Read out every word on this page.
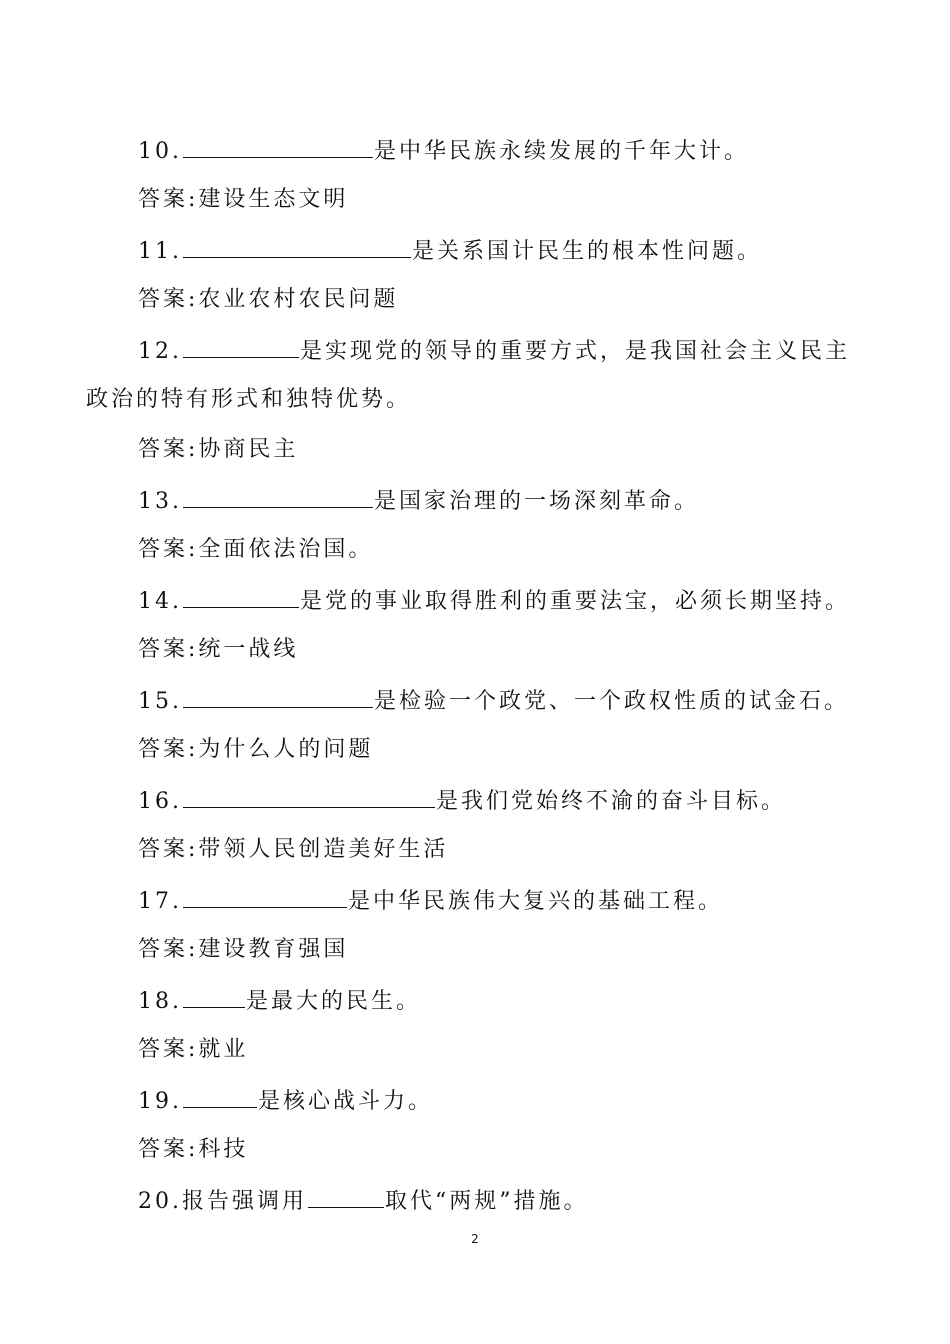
10.	是中华民族永续发展的千年大计。
答案:建设生态文明
11.	是关系国计民生的根本性问题。
答案:农业农村农民问题
12.	是实现党的领导的重要方式，是我国社会主义民主
政治的特有形式和独特优势。
答案:协商民主
13.	是国家治理的一场深刻革命。
答案:全面依法治国。
14.	是党的事业取得胜利的重要法宝，必须长期坚持。
答案:统一战线
15.	是检验一个政党、一个政权性质的试金石。
答案:为什么人的问题
16.	是我们党始终不渝的奋斗目标。
答案:带领人民创造美好生活
17.	是中华民族伟大复兴的基础工程。
答案:建设教育强国
18.	是最大的民生。
答案:就业
19.	是核心战斗力。
答案:科技
20.报告强调用	取代“两规”措施。
2
